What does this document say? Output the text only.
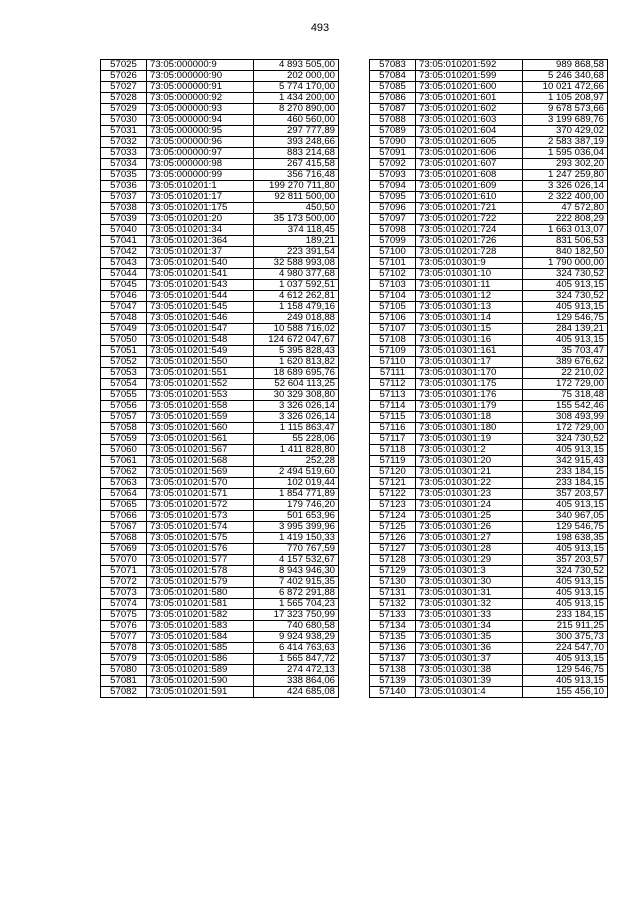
493
57025	73:05:000000:9	4 893 505,00
57026	73:05:000000:90	202 000,00
57027	73:05:000000:91	5 774 170,00
57028	73:05:000000:92	1 434 200,00
57029	73:05:000000:93	8 270 890,00
57030	73:05:000000:94	460 560,00
57031	73:05:000000:95	297 777,89
57032	73:05:000000:96	393 248,66
57033	73:05:000000:97	883 214,68
57034	73:05:000000:98	267 415,58
57035	73:05:000000:99	356 716,48
57036	73:05:010201:1	199 270 711,80
57037	73:05:010201:17	92 811 500,00
57038	73:05:010201:175	450,50
57039	73:05:010201:20	35 173 500,00
57040	73:05:010201:34	374 118,45
57041	73:05:010201:364	189,21
57042	73:05:010201:37	223 391,54
57043	73:05:010201:540	32 588 993,08
57044	73:05:010201:541	4 980 377,68
57045	73:05:010201:543	1 037 592,51
57046	73:05:010201:544	4 612 262,81
57047	73:05:010201:545	1 158 479,16
57048	73:05:010201:546	249 018,88
57049	73:05:010201:547	10 588 716,02
57050	73:05:010201:548	124 672 047,67
57051	73:05:010201:549	5 395 828,43
57052	73:05:010201:550	1 620 813,82
57053	73:05:010201:551	18 689 695,76
57054	73:05:010201:552	52 604 113,25
57055	73:05:010201:553	30 329 308,80
57056	73:05:010201:558	3 326 026,14
57057	73:05:010201:559	3 326 026,14
57058	73:05:010201:560	1 115 863,47
57059	73:05:010201:561	55 228,06
57060	73:05:010201:567	1 411 828,80
57061	73:05:010201:568	252,28
57062	73:05:010201:569	2 494 519,60
57063	73:05:010201:570	102 019,44
57064	73:05:010201:571	1 854 771,89
57065	73:05:010201:572	179 746,20
57066	73:05:010201:573	501 653,96
57067	73:05:010201:574	3 995 399,96
57068	73:05:010201:575	1 419 150,33
57069	73:05:010201:576	770 767,59
57070	73:05:010201:577	4 157 532,67
57071	73:05:010201:578	8 943 946,30
57072	73:05:010201:579	7 402 915,35
57073	73:05:010201:580	6 872 291,88
57074	73:05:010201:581	1 565 704,23
57075	73:05:010201:582	17 323 750,99
57076	73:05:010201:583	740 680,58
57077	73:05:010201:584	9 924 938,29
57078	73:05:010201:585	6 414 763,63
57079	73:05:010201:586	1 565 847,72
57080	73:05:010201:589	274 472,13
57081	73:05:010201:590	338 864,06
57082	73:05:010201:591	424 685,08
57083	73:05:010201:592	989 868,58
57084	73:05:010201:599	5 246 340,68
57085	73:05:010201:600	10 021 472,66
57086	73:05:010201:601	1 105 208,97
57087	73:05:010201:602	9 678 573,66
57088	73:05:010201:603	3 199 689,76
57089	73:05:010201:604	370 429,02
57090	73:05:010201:605	2 583 387,19
57091	73:05:010201:606	1 595 036,04
57092	73:05:010201:607	293 302,20
57093	73:05:010201:608	1 247 259,80
57094	73:05:010201:609	3 326 026,14
57095	73:05:010201:610	2 322 400,00
57096	73:05:010201:721	47 572,80
57097	73:05:010201:722	222 808,29
57098	73:05:010201:724	1 663 013,07
57099	73:05:010201:726	831 506,53
57100	73:05:010201:728	840 182,50
57101	73:05:010301:9	1 790 000,00
57102	73:05:010301:10	324 730,52
57103	73:05:010301:11	405 913,15
57104	73:05:010301:12	324 730,52
57105	73:05:010301:13	405 913,15
57106	73:05:010301:14	129 546,75
57107	73:05:010301:15	284 139,21
57108	73:05:010301:16	405 913,15
57109	73:05:010301:161	35 703,47
57110	73:05:010301:17	389 676,62
57111	73:05:010301:170	22 210,02
57112	73:05:010301:175	172 729,00
57113	73:05:010301:176	75 318,48
57114	73:05:010301:179	155 542,46
57115	73:05:010301:18	308 493,99
57116	73:05:010301:180	172 729,00
57117	73:05:010301:19	324 730,52
57118	73:05:010301:2	405 913,15
57119	73:05:010301:20	342 915,43
57120	73:05:010301:21	233 184,15
57121	73:05:010301:22	233 184,15
57122	73:05:010301:23	357 203,57
57123	73:05:010301:24	405 913,15
57124	73:05:010301:25	340 967,05
57125	73:05:010301:26	129 546,75
57126	73:05:010301:27	198 638,35
57127	73:05:010301:28	405 913,15
57128	73:05:010301:29	357 203,57
57129	73:05:010301:3	324 730,52
57130	73:05:010301:30	405 913,15
57131	73:05:010301:31	405 913,15
57132	73:05:010301:32	405 913,15
57133	73:05:010301:33	233 184,15
57134	73:05:010301:34	215 911,25
57135	73:05:010301:35	300 375,73
57136	73:05:010301:36	224 547,70
57137	73:05:010301:37	405 913,15
57138	73:05:010301:38	129 546,75
57139	73:05:010301:39	405 913,15
57140	73:05:010301:4	155 456,10
